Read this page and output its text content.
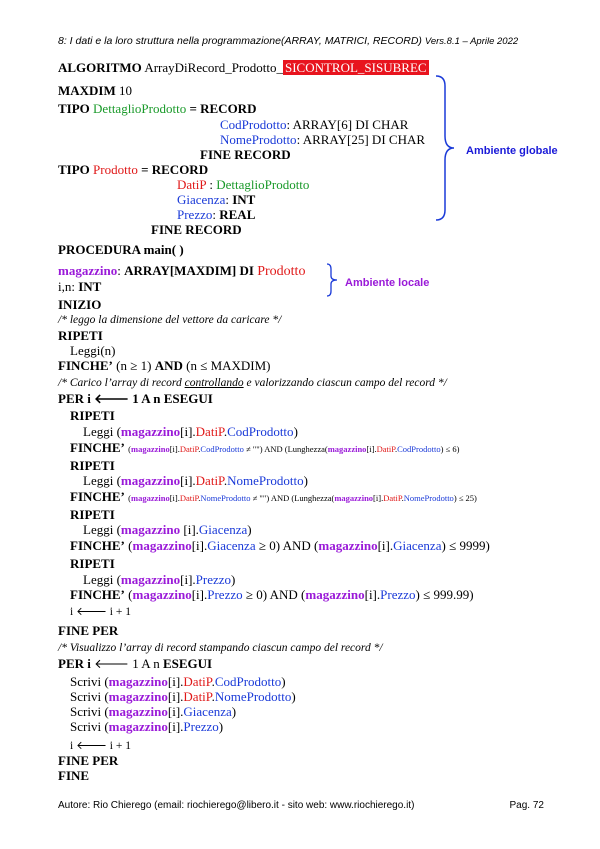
8: I dati e la loro struttura nella programmazione(ARRAY, MATRICI, RECORD) Vers.8.1 – Aprile 2022
ALGORITMO ArrayDiRecord_Prodotto_ SICONTROL_SISUBREC
MAXDIM 10
TIPO DettaglioProdotto = RECORD
CodProdotto: ARRAY[6] DI CHAR
NomeProdotto: ARRAY[25] DI CHAR
FINE RECORD
TIPO Prodotto = RECORD
DatiP : DettaglioProdotto
Giacenza: INT
Prezzo: REAL
FINE RECORD
Ambiente globale
PROCEDURA main( )
magazzino: ARRAY[MAXDIM] DI Prodotto
i,n: INT	Ambiente locale
INIZIO
/* leggo la dimensione del vettore da caricare */
RIPETI
Leggi(n)
FINCHE’ (n ≥ 1) AND (n ≤ MAXDIM)
/* Carico l’array di record controllando e valorizzando ciascun campo del record */
PER i 🡐 1 A n ESEGUI
RIPETI
Leggi (magazzino[i].DatiP.CodProdotto)
FINCHE’ (magazzino[i].DatiP.CodProdotto ≠ "") AND (Lunghezza(magazzino[i].DatiP.CodProdotto) ≤ 6)
RIPETI
Leggi (magazzino[i].DatiP.NomeProdotto)
FINCHE’ (magazzino[i].DatiP.NomeProdotto ≠ "") AND (Lunghezza(magazzino[i].DatiP.NomeProdotto) ≤ 25)
RIPETI
Leggi (magazzino [i].Giacenza)
FINCHE’ (magazzino[i].Giacenza ≥ 0) AND (magazzino[i].Giacenza) ≤ 9999)
RIPETI
Leggi (magazzino[i].Prezzo)
FINCHE’ (magazzino[i].Prezzo ≥ 0) AND (magazzino[i].Prezzo) ≤ 999.99)
i 🡐 i + 1
FINE PER
/* Visualizzo l’array di record stampando ciascun campo del record */
PER i 🡐 1 A n ESEGUI
Scrivi (magazzino[i].DatiP.CodProdotto)
Scrivi (magazzino[i].DatiP.NomeProdotto)
Scrivi (magazzino[i].Giacenza)
Scrivi (magazzino[i].Prezzo)
i 🡐 i + 1
FINE PER
FINE
Autore: Rio Chierego (email: riochierego@libero.it - sito web: www.riochierego.it)	Pag. 72
